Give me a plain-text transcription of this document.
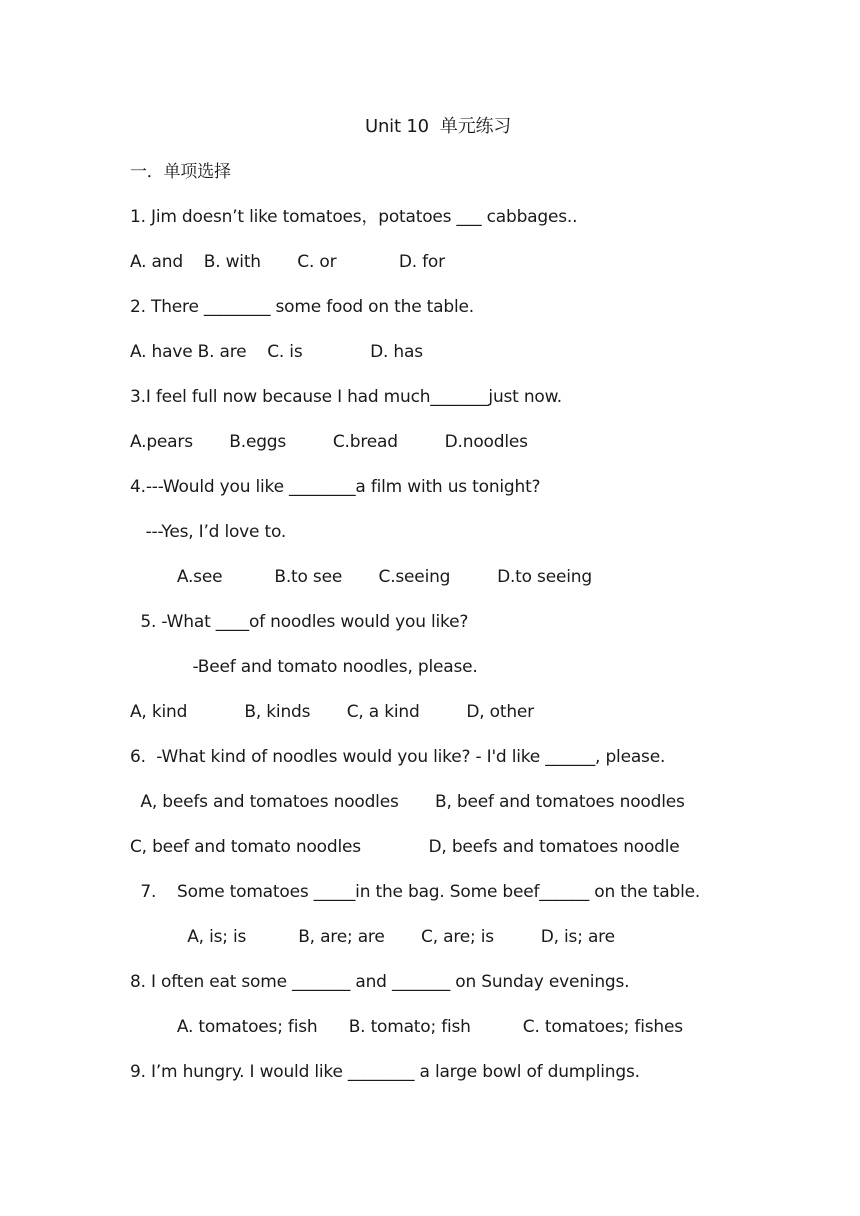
Unit 10  单元练习
一．单项选择
1. Jim doesn’t like tomatoes，potatoes ___ cabbages..
A. and    B. with       C. or            D. for
2. There ________ some food on the table.
A. have B. are    C. is             D. has
3.I feel full now because I had much_______just now.
A.pears       B.eggs         C.bread         D.noodles
4.---Would you like ________a film with us tonight?
---Yes, I’d love to.
A.see          B.to see       C.seeing         D.to seeing
5. -What ____of noodles would you like?
-Beef and tomato noodles, please.
A, kind           B, kinds       C, a kind         D, other
6.  -What kind of noodles would you like? - I'd like ______, please.
A, beefs and tomatoes noodles       B, beef and tomatoes noodles
C, beef and tomato noodles             D, beefs and tomatoes noodle
7.    Some tomatoes _____in the bag. Some beef______ on the table.
A, is; is          B, are; are       C, are; is         D, is; are
8. I often eat some _______ and _______ on Sunday evenings.
A. tomatoes; fish      B. tomato; fish          C. tomatoes; fishes
9. I’m hungry. I would like ________ a large bowl of dumplings.
